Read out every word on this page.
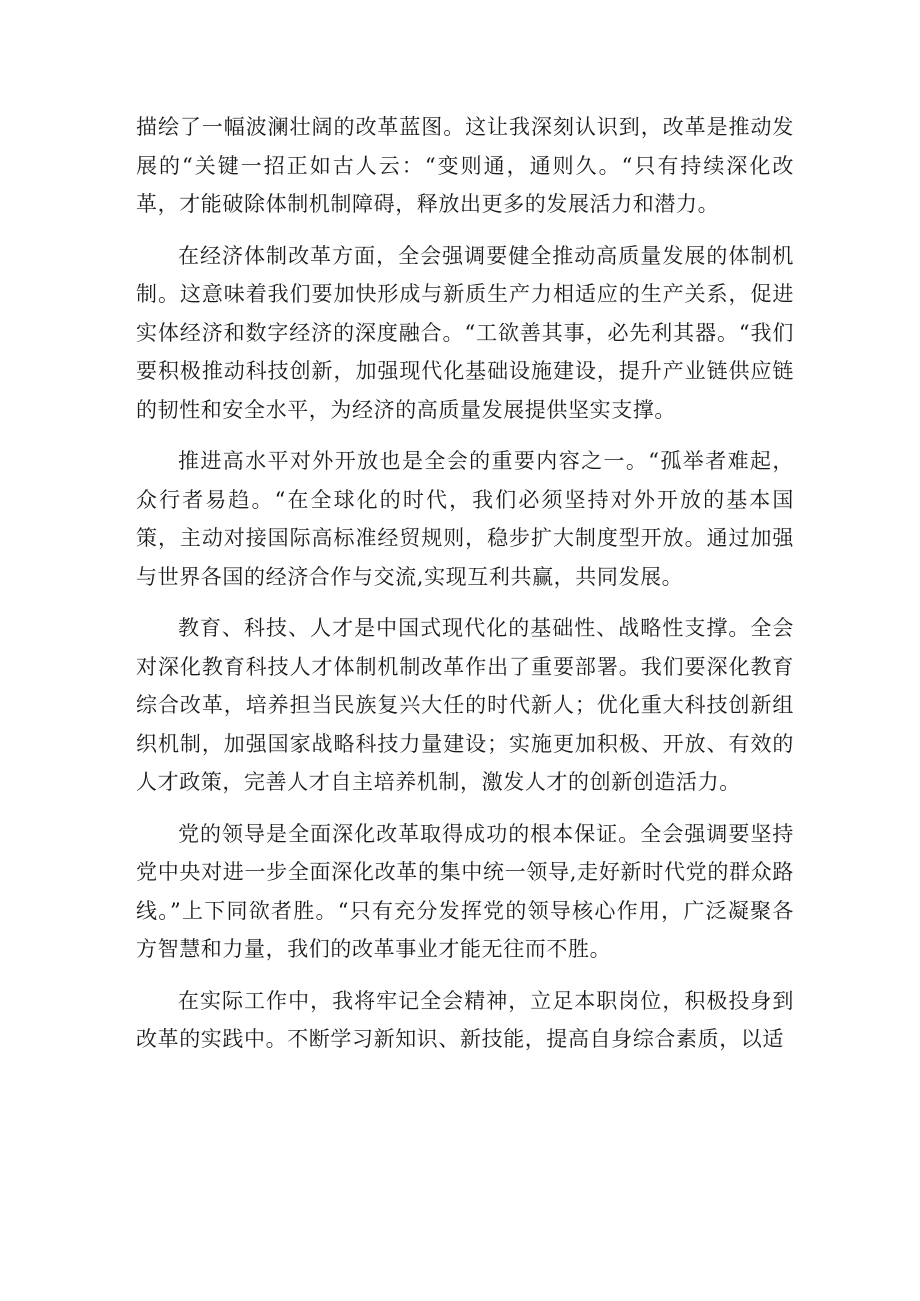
描绘了一幅波澜壮阔的改革蓝图。这让我深刻认识到，改革是推动发展的“关键一招正如古人云：“变则通，通则久。“只有持续深化改革，才能破除体制机制障碍，释放出更多的发展活力和潜力。

在经济体制改革方面，全会强调要健全推动高质量发展的体制机制。这意味着我们要加快形成与新质生产力相适应的生产关系，促进实体经济和数字经济的深度融合。“工欲善其事，必先利其器。“我们要积极推动科技创新，加强现代化基础设施建设，提升产业链供应链的韧性和安全水平，为经济的高质量发展提供坚实支撑。

推进高水平对外开放也是全会的重要内容之一。“孤举者难起，众行者易趋。“在全球化的时代，我们必须坚持对外开放的基本国策，主动对接国际高标准经贸规则，稳步扩大制度型开放。通过加强与世界各国的经济合作与交流,实现互利共赢，共同发展。

教育、科技、人才是中国式现代化的基础性、战略性支撑。全会对深化教育科技人才体制机制改革作出了重要部署。我们要深化教育综合改革，培养担当民族复兴大任的时代新人；优化重大科技创新组织机制，加强国家战略科技力量建设；实施更加积极、开放、有效的人才政策，完善人才自主培养机制，激发人才的创新创造活力。

党的领导是全面深化改革取得成功的根本保证。全会强调要坚持党中央对进一步全面深化改革的集中统一领导,走好新时代党的群众路线。”上下同欲者胜。“只有充分发挥党的领导核心作用，广泛凝聚各方智慧和力量，我们的改革事业才能无往而不胜。

在实际工作中，我将牢记全会精神，立足本职岗位，积极投身到改革的实践中。不断学习新知识、新技能，提高自身综合素质，以适
